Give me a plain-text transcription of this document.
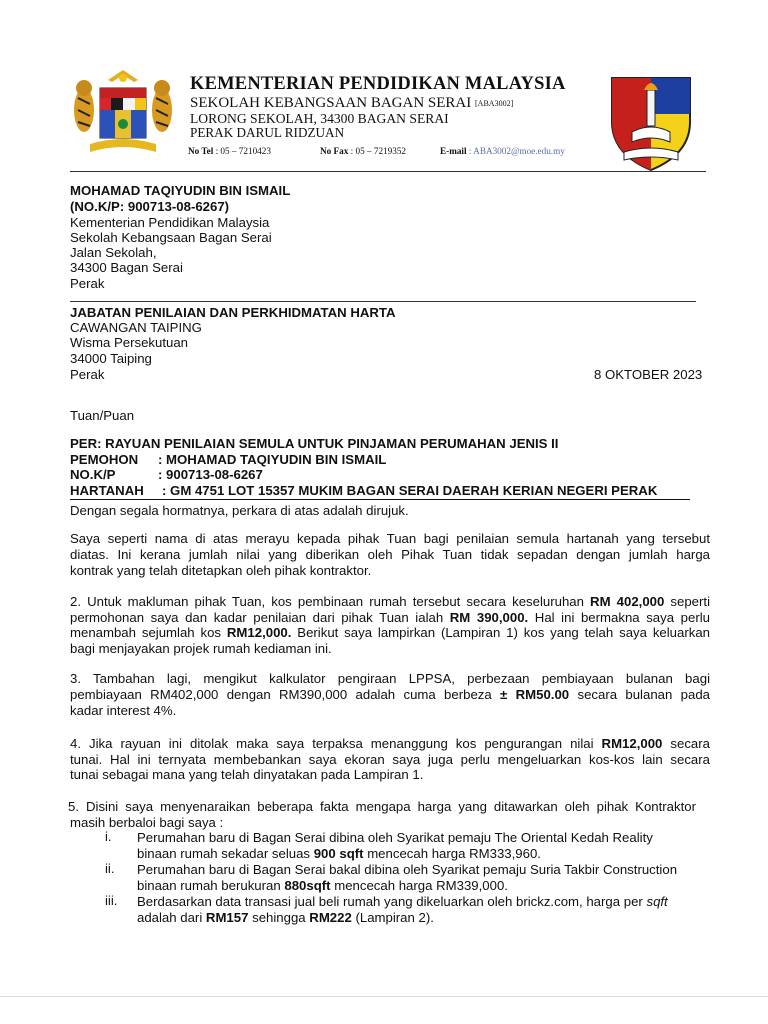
KEMENTERIAN PENDIDIKAN MALAYSIA
SEKOLAH KEBANGSAAN BAGAN SERAI [ABA3002]
LORONG SEKOLAH, 34300 BAGAN SERAI
PERAK DARUL RIDZUAN
No Tel : 05 – 7210423	No Fax : 05 – 7219352	E-mail : ABA3002@moe.edu.my
MOHAMAD TAQIYUDIN BIN ISMAIL
(NO.K/P: 900713-08-6267)
Kementerian Pendidikan Malaysia
Sekolah Kebangsaan Bagan Serai
Jalan Sekolah,
34300 Bagan Serai
Perak
JABATAN PENILAIAN DAN PERKHIDMATAN HARTA
CAWANGAN TAIPING
Wisma Persekutuan
34000 Taiping
Perak	8 OKTOBER 2023
Tuan/Puan
PER: RAYUAN PENILAIAN SEMULA UNTUK PINJAMAN PERUMAHAN JENIS II
PEMOHON : MOHAMAD TAQIYUDIN BIN ISMAIL
NO.K/P	: 900713-08-6267
HARTANAH : GM 4751 LOT 15357 MUKIM BAGAN SERAI DAERAH KERIAN NEGERI PERAK
Dengan segala hormatnya, perkara di atas adalah dirujuk.
Saya seperti nama di atas merayu kepada pihak Tuan bagi penilaian semula hartanah yang tersebut
diatas. Ini kerana jumlah nilai yang diberikan oleh Pihak Tuan tidak sepadan dengan jumlah harga
kontrak yang telah ditetapkan oleh pihak kontraktor.
2. Untuk makluman pihak Tuan, kos pembinaan rumah tersebut secara keseluruhan RM 402,000 seperti
permohonan saya dan kadar penilaian dari pihak Tuan ialah RM 390,000. Hal ini bermakna saya perlu
menambah sejumlah kos RM12,000. Berikut saya lampirkan (Lampiran 1) kos yang telah saya keluarkan
bagi menjayakan projek rumah kediaman ini.
3. Tambahan lagi, mengikut kalkulator pengiraan LPPSA, perbezaan pembiayaan bulanan bagi
pembiayaan RM402,000 dengan RM390,000 adalah cuma berbeza ± RM50.00 secara bulanan pada
kadar interest 4%.
4. Jika rayuan ini ditolak maka saya terpaksa menanggung kos pengurangan nilai RM12,000 secara
tunai. Hal ini ternyata membebankan saya ekoran saya juga perlu mengeluarkan kos-kos lain secara
tunai sebagai mana yang telah dinyatakan pada Lampiran 1.
5. Disini saya menyenaraikan beberapa fakta mengapa harga yang ditawarkan oleh pihak Kontraktor
masih berbaloi bagi saya :
i. Perumahan baru di Bagan Serai dibina oleh Syarikat pemaju The Oriental Kedah Reality
binaan rumah sekadar seluas 900 sqft mencecah harga RM333,960.
ii. Perumahan baru di Bagan Serai bakal dibina oleh Syarikat pemaju Suria Takbir Construction
binaan rumah berukuran 880sqft mencecah harga RM339,000.
iii. Berdasarkan data transasi jual beli rumah yang dikeluarkan oleh brickz.com, harga per sqft
adalah dari RM157 sehingga RM222 (Lampiran 2).
